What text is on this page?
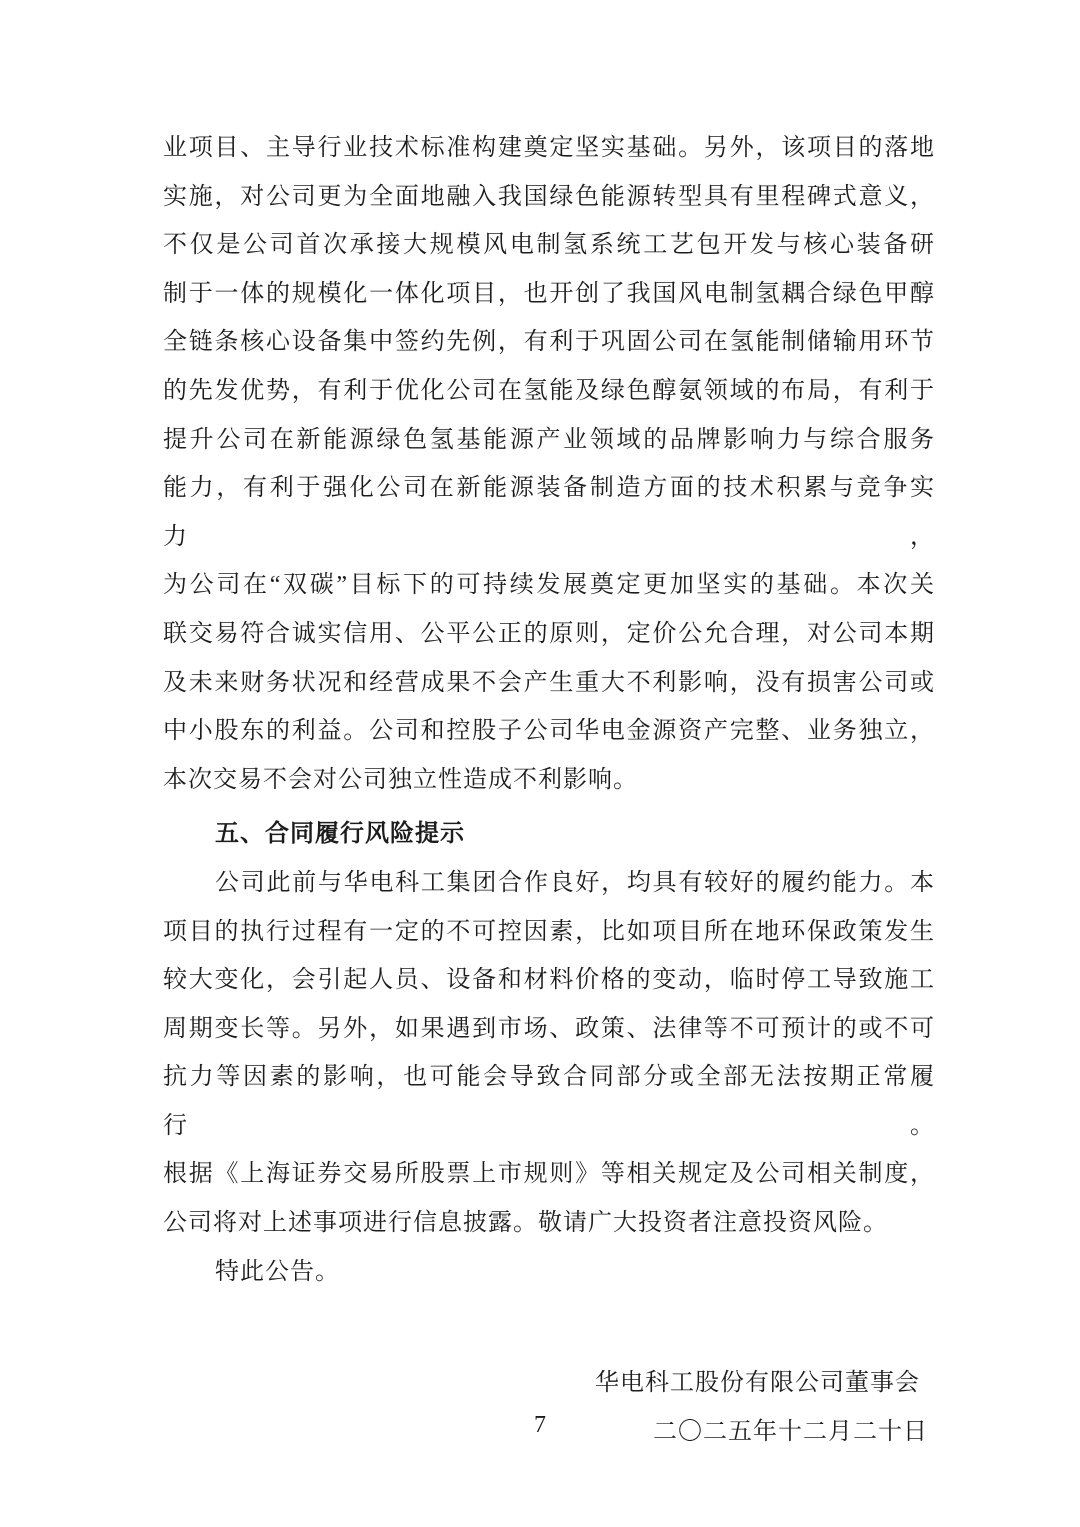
业项目、主导行业技术标准构建奠定坚实基础。另外，该项目的落地
实施，对公司更为全面地融入我国绿色能源转型具有里程碑式意义，
不仅是公司首次承接大规模风电制氢系统工艺包开发与核心装备研
制于一体的规模化一体化项目，也开创了我国风电制氢耦合绿色甲醇
全链条核心设备集中签约先例，有利于巩固公司在氢能制储输用环节
的先发优势，有利于优化公司在氢能及绿色醇氨领域的布局，有利于
提升公司在新能源绿色氢基能源产业领域的品牌影响力与综合服务
能力，有利于强化公司在新能源装备制造方面的技术积累与竞争实力，
为公司在“双碳”目标下的可持续发展奠定更加坚实的基础。本次关
联交易符合诚实信用、公平公正的原则，定价公允合理，对公司本期
及未来财务状况和经营成果不会产生重大不利影响，没有损害公司或
中小股东的利益。公司和控股子公司华电金源资产完整、业务独立，
本次交易不会对公司独立性造成不利影响。
五、合同履行风险提示
公司此前与华电科工集团合作良好，均具有较好的履约能力。本
项目的执行过程有一定的不可控因素，比如项目所在地环保政策发生
较大变化，会引起人员、设备和材料价格的变动，临时停工导致施工
周期变长等。另外，如果遇到市场、政策、法律等不可预计的或不可
抗力等因素的影响，也可能会导致合同部分或全部无法按期正常履行。
根据《上海证券交易所股票上市规则》等相关规定及公司相关制度，
公司将对上述事项进行信息披露。敬请广大投资者注意投资风险。
特此公告。
华电科工股份有限公司董事会
二〇二五年十二月二十日
7
